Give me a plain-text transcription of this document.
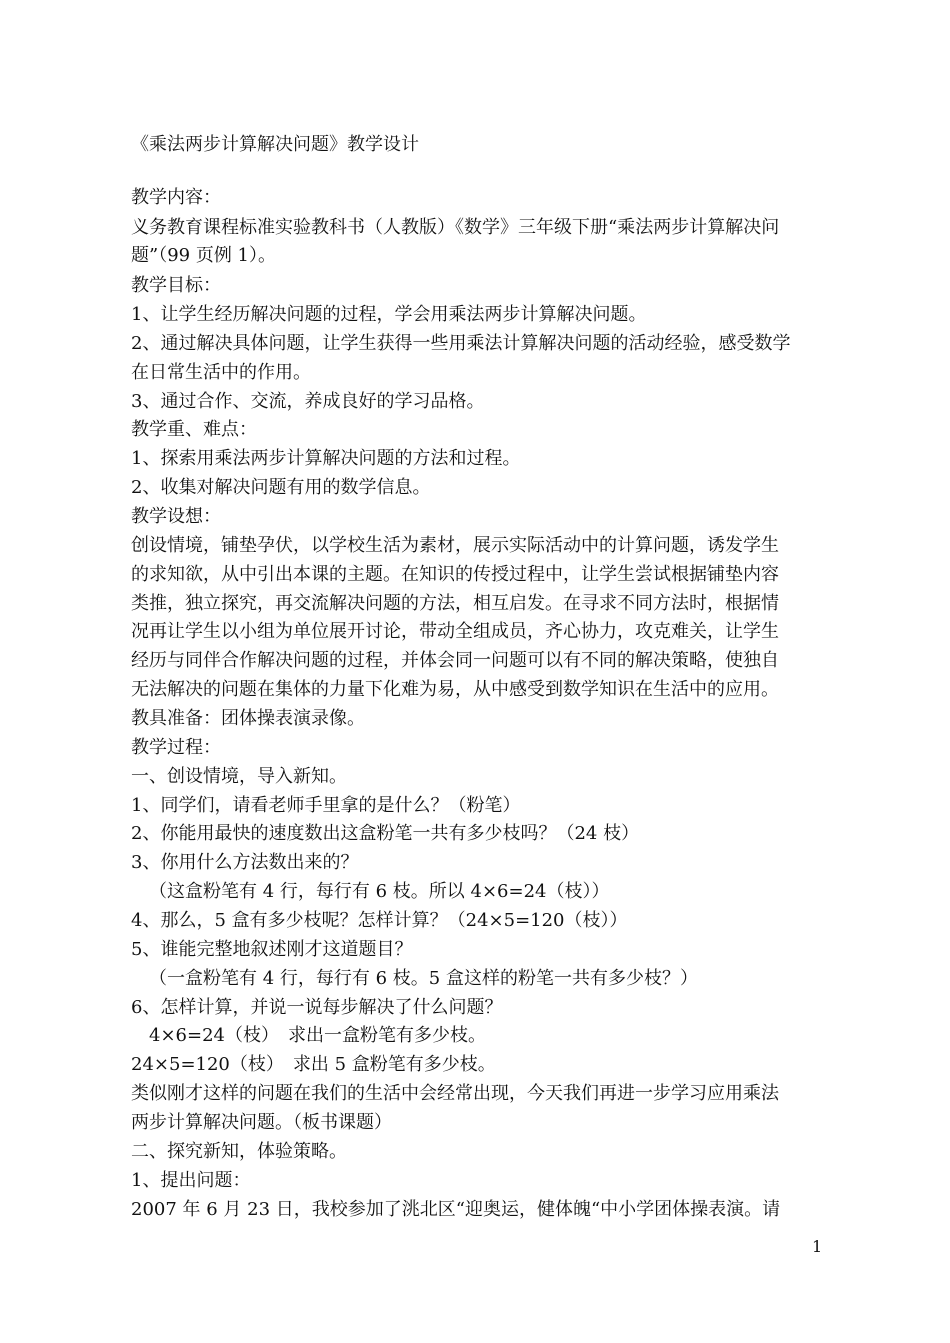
《乘法两步计算解决问题》教学设计
教学内容：
义务教育课程标准实验教科书（人教版）《数学》三年级下册“乘法两步计算解决问
题”（99 页例 1）。
教学目标：
1、让学生经历解决问题的过程，学会用乘法两步计算解决问题。
2、通过解决具体问题，让学生获得一些用乘法计算解决问题的活动经验，感受数学
在日常生活中的作用。
3、通过合作、交流，养成良好的学习品格。
教学重、难点：
1、探索用乘法两步计算解决问题的方法和过程。
2、收集对解决问题有用的数学信息。
教学设想：
创设情境，铺垫孕伏，以学校生活为素材，展示实际活动中的计算问题，诱发学生
的求知欲，从中引出本课的主题。在知识的传授过程中，让学生尝试根据铺垫内容
类推，独立探究，再交流解决问题的方法，相互启发。在寻求不同方法时，根据情
况再让学生以小组为单位展开讨论，带动全组成员，齐心协力，攻克难关，让学生
经历与同伴合作解决问题的过程，并体会同一问题可以有不同的解决策略，使独自
无法解决的问题在集体的力量下化难为易，从中感受到数学知识在生活中的应用。
教具准备：团体操表演录像。
教学过程：
一、创设情境，导入新知。
1、同学们，请看老师手里拿的是什么？（粉笔）
2、你能用最快的速度数出这盒粉笔一共有多少枝吗？（24 枝）
3、你用什么方法数出来的？
（这盒粉笔有 4 行，每行有 6 枝。所以 4×6=24（枝））
4、那么，5 盒有多少枝呢？怎样计算？（24×5=120（枝））
5、谁能完整地叙述刚才这道题目？
（一盒粉笔有 4 行，每行有 6 枝。5 盒这样的粉笔一共有多少枝？）
6、怎样计算，并说一说每步解决了什么问题？
4×6=24（枝）　求出一盒粉笔有多少枝。
24×5=120（枝）　求出 5 盒粉笔有多少枝。
类似刚才这样的问题在我们的生活中会经常出现，今天我们再进一步学习应用乘法
两步计算解决问题。（板书课题）
二、探究新知，体验策略。
1、提出问题：
2007 年 6 月 23 日，我校参加了洮北区“迎奥运，健体魄“中小学团体操表演。请
1
